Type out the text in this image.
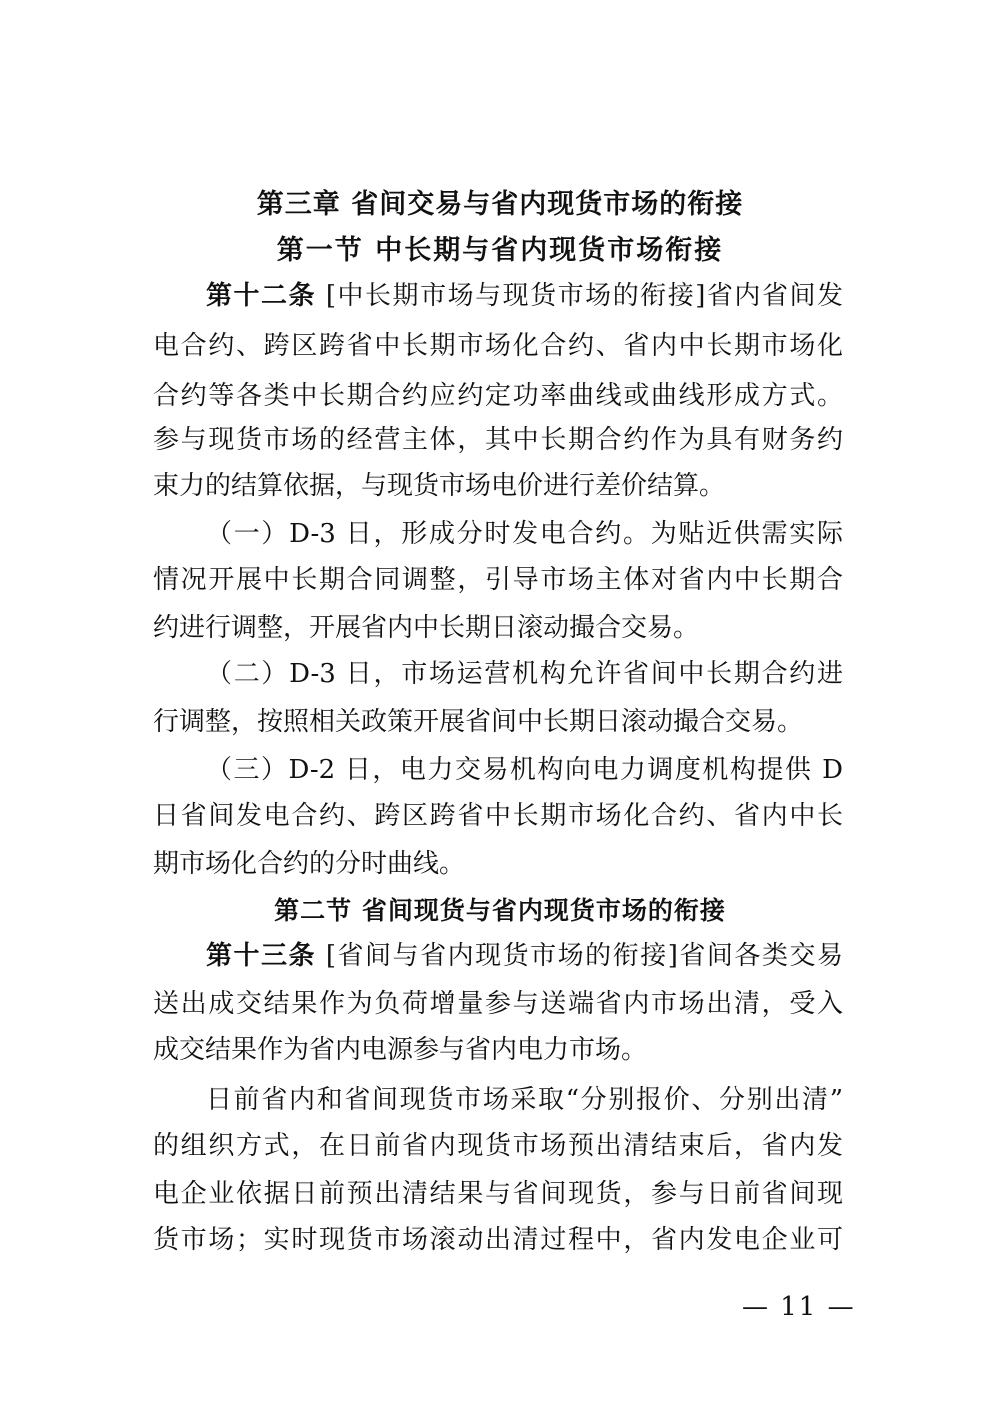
第三章 省间交易与省内现货市场的衔接
第一节 中长期与省内现货市场衔接
第十二条 [中长期市场与现货市场的衔接]省内省间发
电合约、跨区跨省中长期市场化合约、省内中长期市场化
合约等各类中长期合约应约定功率曲线或曲线形成方式。
参与现货市场的经营主体，其中长期合约作为具有财务约
束力的结算依据，与现货市场电价进行差价结算。
（一）D-3 日，形成分时发电合约。为贴近供需实际
情况开展中长期合同调整，引导市场主体对省内中长期合
约进行调整，开展省内中长期日滚动撮合交易。
（二）D-3 日，市场运营机构允许省间中长期合约进
行调整，按照相关政策开展省间中长期日滚动撮合交易。
（三）D-2 日，电力交易机构向电力调度机构提供 D
日省间发电合约、跨区跨省中长期市场化合约、省内中长
期市场化合约的分时曲线。
第二节 省间现货与省内现货市场的衔接
第十三条 [省间与省内现货市场的衔接]省间各类交易
送出成交结果作为负荷增量参与送端省内市场出清，受入
成交结果作为省内电源参与省内电力市场。
日前省内和省间现货市场采取“分别报价、分别出清”
的组织方式，在日前省内现货市场预出清结束后，省内发
电企业依据日前预出清结果与省间现货，参与日前省间现
货市场；实时现货市场滚动出清过程中，省内发电企业可
— 11 —
